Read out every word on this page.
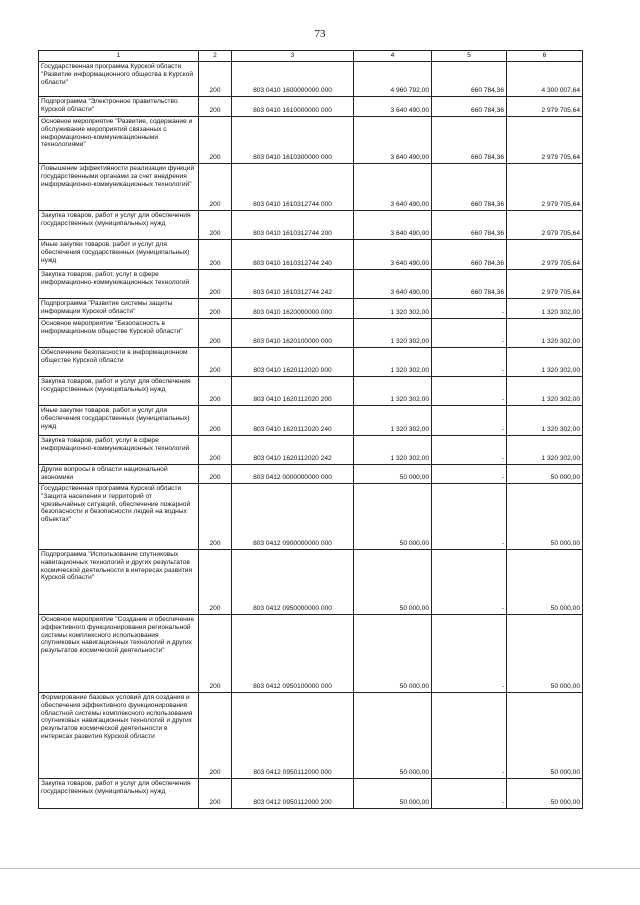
73
1	2	3	4	5	6
Государственная программа Курской области "Развитие информационного общества в Курской области"	200	803 0410 1600000000 000	4 960 792,00	660 784,36	4 300 007,64
Подпрограмма "Электронное правительство Курской области"	200	803 0410 1610000000 000	3 640 490,00	660 784,36	2 979 705,64
Основное мероприятие "Развитие, содержание и обслуживание мероприятий связанных с информационно-коммуникационными технологиями"	200	803 0410 1610300000 000	3 640 490,00	660 784,36	2 979 705,64
Повышение эффективности реализации функций государственными органами за счет внедрения информационно-коммуникационных технологий"	200	803 0410 1610312744 000	3 640 490,00	660 784,36	2 979 705,64
Закупка товаров, работ и услуг для обеспечения государственных (муниципальных) нужд	200	803 0410 1610312744 200	3 640 490,00	660 784,36	2 979 705,64
Иные закупки товаров, работ и услуг для обеспечения государственных (муниципальных) нужд	200	803 0410 1610312744 240	3 640 490,00	660 784,36	2 979 705,64
Закупка товаров, работ, услуг в сфере информационно-коммуникационных технологий	200	803 0410 1610312744 242	3 640 490,00	660 784,36	2 979 705,64
Подпрограмма "Развитие системы защиты информации Курской области"	200	803 0410 1620000000 000	1 320 302,00	-	1 320 302,00
Основное мероприятие "Безопасность в информационном обществе Курской области"	200	803 0410 1620100000 000	1 320 302,00	-	1 320 302,00
Обеспечение безопасности в информационном обществе Курской области	200	803 0410 1620112020 000	1 320 302,00	-	1 320 302,00
Закупка товаров, работ и услуг для обеспечения государственных (муниципальных) нужд	200	803 0410 1620112020 200	1 320 302,00	-	1 320 302,00
Иные закупки товаров, работ и услуг для обеспечения государственных (муниципальных) нужд	200	803 0410 1620112020 240	1 320 302,00	-	1 320 302,00
Закупка товаров, работ, услуг в сфере информационно-коммуникационных технологий	200	803 0410 1620112020 242	1 320 302,00	-	1 320 302,00
Другие вопросы в области национальной экономики	200	803 0412 0000000000 000	50 000,00	-	50 000,00
Государственная программа Курской области "Защита населения и территорий от чрезвычайных ситуаций, обеспечение пожарной безопасности и безопасности людей на водных объектах"	200	803 0412 0900000000 000	50 000,00	-	50 000,00
Подпрограмма "Использование спутниковых навигационных технологий и других результатов космической деятельности в интересах развития Курской области"	200	803 0412 0950000000 000	50 000,00	-	50 000,00
Основное мероприятие "Создание и обеспечение эффективного функционирования региональной системы комплексного использования спутниковых навигационных технологий и других результатов космической деятельности"	200	803 0412 0950100000 000	50 000,00	-	50 000,00
Формирование базовых условий для создания и обеспечения эффективного функционирования областной системы комплексного использования спутниковых навигационных технологий и других результатов космической деятельности в интересах развития Курской области	200	803 0412 0950112000 000	50 000,00	-	50 000,00
Закупка товаров, работ и услуг для обеспечения государственных (муниципальных) нужд	200	803 0412 0950112000 200	50 000,00	-	50 000,00
